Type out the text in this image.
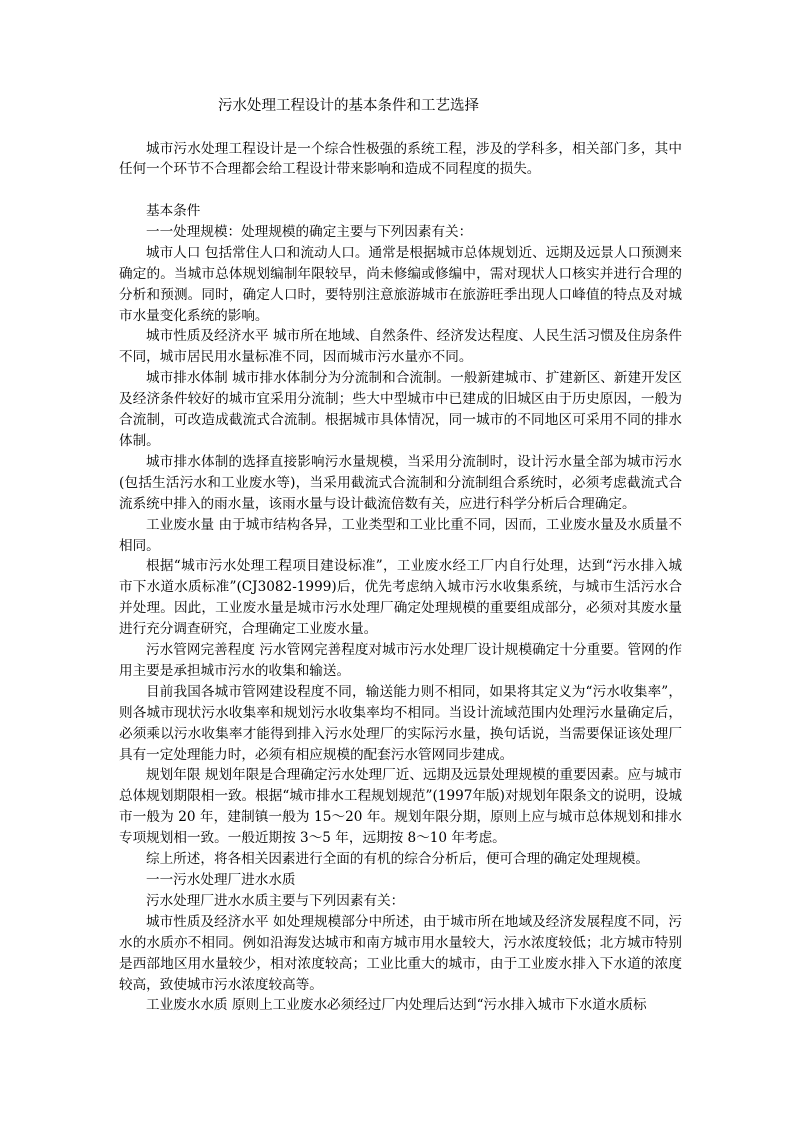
污水处理工程设计的基本条件和工艺选择

城市污水处理工程设计是一个综合性极强的系统工程，涉及的学科多，相关部门多，其中任何一个环节不合理都会给工程设计带来影响和造成不同程度的损失。

基本条件

一一处理规模：处理规模的确定主要与下列因素有关：

城市人口 包括常住人口和流动人口。通常是根据城市总体规划近、远期及远景人口预测来确定的。当城市总体规划编制年限较早，尚未修编或修编中，需对现状人口核实并进行合理的分析和预测。同时，确定人口时，要特别注意旅游城市在旅游旺季出现人口峰值的特点及对城市水量变化系统的影响。

城市性质及经济水平 城市所在地域、自然条件、经济发达程度、人民生活习惯及住房条件不同，城市居民用水量标准不同，因而城市污水量亦不同。

城市排水体制 城市排水体制分为分流制和合流制。一般新建城市、扩建新区、新建开发区及经济条件较好的城市宜采用分流制；些大中型城市中已建成的旧城区由于历史原因，一般为合流制，可改造成截流式合流制。根据城市具体情况，同一城市的不同地区可采用不同的排水体制。

城市排水体制的选择直接影响污水量规模，当采用分流制时，设计污水量全部为城市污水(包括生活污水和工业废水等)，当采用截流式合流制和分流制组合系统时，必须考虑截流式合流系统中排入的雨水量，该雨水量与设计截流倍数有关，应进行科学分析后合理确定。

工业废水量 由于城市结构各异，工业类型和工业比重不同，因而，工业废水量及水质量不相同。

根据“城市污水处理工程项目建设标准”，工业废水经工厂内自行处理，达到“污水排入城市下水道水质标准”(CJ3082-1999)后，优先考虑纳入城市污水收集系统，与城市生活污水合并处理。因此，工业废水量是城市污水处理厂确定处理规模的重要组成部分，必须对其废水量进行充分调查研究，合理确定工业废水量。

污水管网完善程度 污水管网完善程度对城市污水处理厂设计规模确定十分重要。管网的作用主要是承担城市污水的收集和输送。

目前我国各城市管网建设程度不同，输送能力则不相同，如果将其定义为“污水收集率”，则各城市现状污水收集率和规划污水收集率均不相同。当设计流域范围内处理污水量确定后，必须乘以污水收集率才能得到排入污水处理厂的实际污水量，换句话说，当需要保证该处理厂具有一定处理能力时，必须有相应规模的配套污水管网同步建成。

规划年限 规划年限是合理确定污水处理厂近、远期及远景处理规模的重要因素。应与城市总体规划期限相一致。根据“城市排水工程规划规范”(1997年版)对规划年限条文的说明，设城市一般为 20 年，建制镇一般为 15～20 年。规划年限分期，原则上应与城市总体规划和排水专项规划相一致。一般近期按 3～5 年，远期按 8～10 年考虑。

综上所述，将各相关因素进行全面的有机的综合分析后，便可合理的确定处理规模。

一一污水处理厂进水水质

污水处理厂进水水质主要与下列因素有关：

城市性质及经济水平 如处理规模部分中所述，由于城市所在地域及经济发展程度不同，污水的水质亦不相同。例如沿海发达城市和南方城市用水量较大，污水浓度较低；北方城市特别是西部地区用水量较少，相对浓度较高；工业比重大的城市，由于工业废水排入下水道的浓度较高，致使城市污水浓度较高等。

工业废水水质 原则上工业废水必须经过厂内处理后达到“污水排入城市下水道水质标
